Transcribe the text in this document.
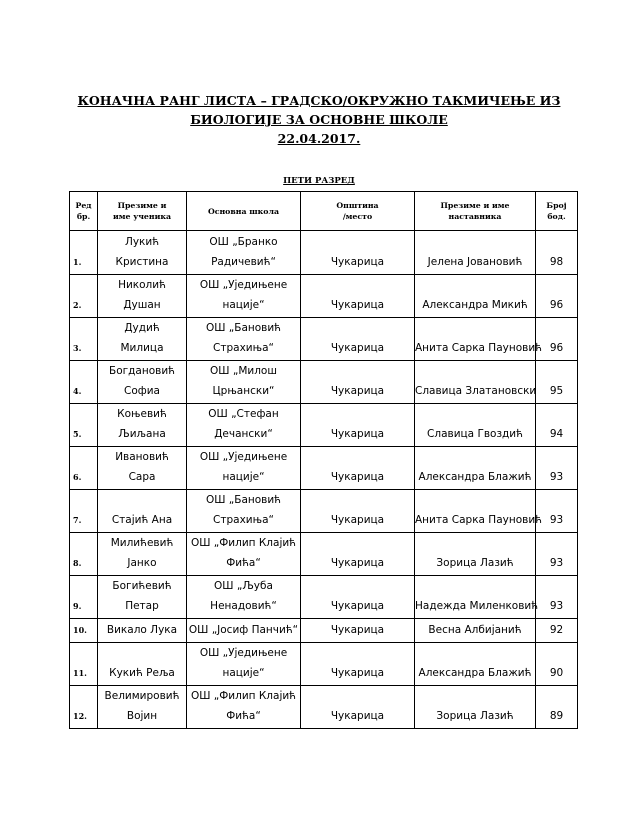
КОНАЧНА РАНГ ЛИСТА – ГРАДСКО/ОКРУЖНО ТАКМИЧЕЊЕ ИЗ
БИОЛОГИЈЕ ЗА ОСНОВНЕ ШКОЛЕ
22.04.2017.
ПЕТИ РАЗРЕД
Ред
бр.	Презиме и
име ученика	Основна школа	Општина
/место	Презиме и име
наставника	Број
бод.

1.	Лукић
Кристина	ОШ „Бранко
Радичевић“	Чукарица	Јелена Јовановић	98

2.	Николић
Душан	ОШ „Уједињене
нације“	Чукарица	Александра Микић	96

3.	Дудић
Милица	ОШ „Бановић
Страхиња“	Чукарица	Анита Сарка Пауновић	96

4.	Богдановић
Софиа	ОШ „Милош
Црњански“	Чукарица	Славица Златановски	95

5.	Коњевић
Љиљана	ОШ „Стефан
Дечански“	Чукарица	Славица Гвоздић	94

6.	Ивановић
Сара	ОШ „Уједињене
нације“	Чукарица	Александра Блажић	93

7.	Стајић Ана	ОШ „Бановић
Страхиња“	Чукарица	Анита Сарка Пауновић	93

8.	Милићевић
Јанко	ОШ „Филип Клајић
Фића“	Чукарица	Зорица Лазић	93

9.	Богићевић
Петар	ОШ „Љуба
Ненадовић“	Чукарица	Надежда Миленковић	93

10.	Викало Лука	ОШ „Јосиф Панчић“	Чукарица	Весна Албијанић	92

11.	Кукић Реља	ОШ „Уједињене
нације“	Чукарица	Александра Блажић	90

12.	Велимировић
Војин	ОШ „Филип Клајић
Фића“	Чукарица	Зорица Лазић	89
